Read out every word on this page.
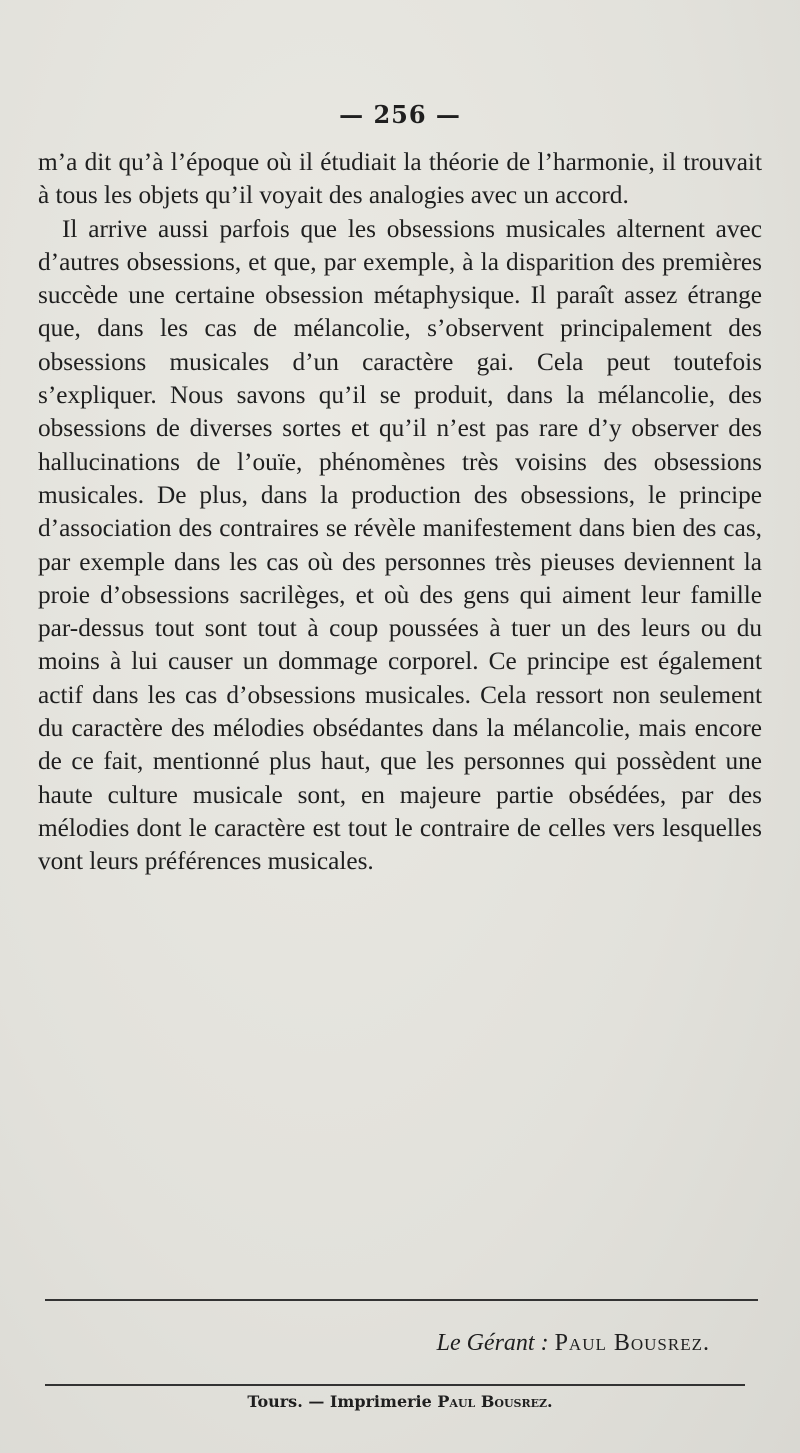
— 256 —

m’a dit qu’à l’époque où il étudiait la théorie de l’harmonie, il trouvait à tous les objets qu’il voyait des analogies avec un accord.

Il arrive aussi parfois que les obsessions musicales alternent avec d’autres obsessions, et que, par exemple, à la disparition des premières succède une certaine obsession métaphysique. Il paraît assez étrange que, dans les cas de mélancolie, s’observent principalement des obsessions musicales d’un caractère gai. Cela peut toutefois s’expliquer. Nous savons qu’il se produit, dans la mélancolie, des obsessions de diverses sortes et qu’il n’est pas rare d’y observer des hallucinations de l’ouïe, phénomènes très voisins des obsessions musicales. De plus, dans la production des obsessions, le principe d’association des contraires se révèle manifestement dans bien des cas, par exemple dans les cas où des personnes très pieuses deviennent la proie d’obsessions sacrilèges, et où des gens qui aiment leur famille par-dessus tout sont tout à coup poussées à tuer un des leurs ou du moins à lui causer un dommage corporel. Ce principe est également actif dans les cas d’obsessions musicales. Cela ressort non seulement du caractère des mélodies obsédantes dans la mélancolie, mais encore de ce fait, mentionné plus haut, que les personnes qui possèdent une haute culture musicale sont, en majeure partie obsédées, par des mélodies dont le caractère est tout le contraire de celles vers lesquelles vont leurs préférences musicales.

Le Gérant : Paul Bousrez.
Tours. — Imprimerie Paul Bousrez.
